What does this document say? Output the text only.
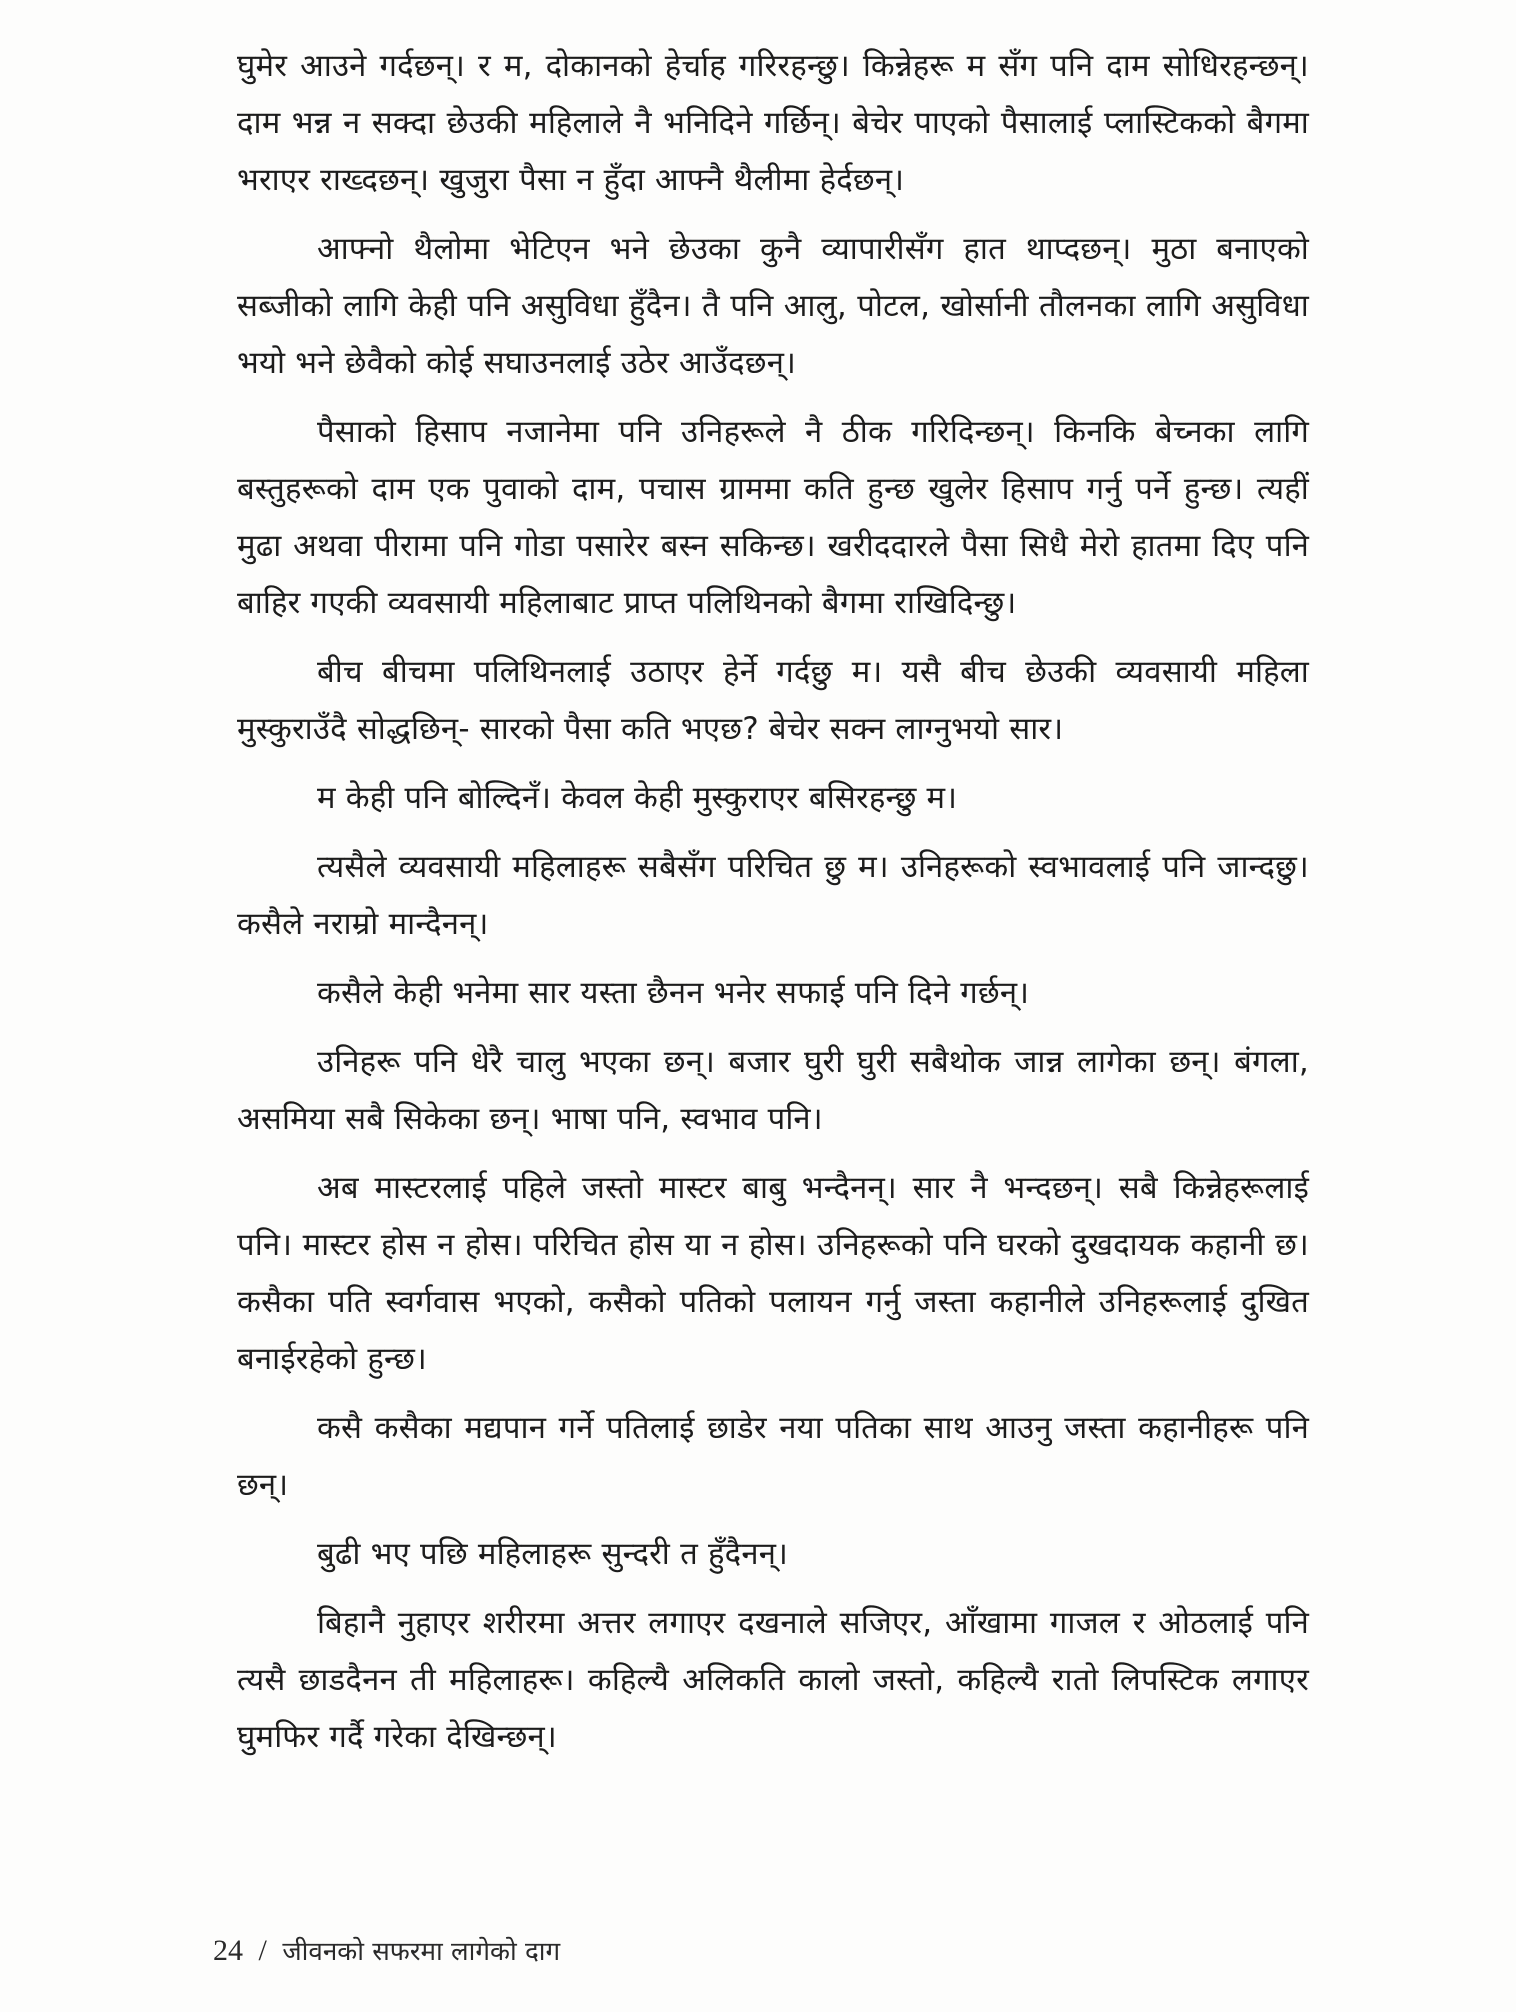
घुमेर आउने गर्दछन्। र म, दोकानको हेर्चाह गरिरहन्छु। किन्नेहरू म सँग पनि दाम सोधिरहन्छन्। दाम भन्न न सक्दा छेउकी महिलाले नै भनिदिने गर्छिन्। बेचेर पाएको पैसालाई प्लास्टिकको बैगमा भराएर राख्दछन्। खुजुरा पैसा न हुँदा आफ्नै थैलीमा हेर्दछन्।

आफ्नो थैलोमा भेटिएन भने छेउका कुनै व्यापारीसँग हात थाप्दछन्। मुठा बनाएको सब्जीको लागि केही पनि असुविधा हुँदैन। तै पनि आलु, पोटल, खोर्सानी तौलनका लागि असुविधा भयो भने छेवैको कोई सघाउनलाई उठेर आउँदछन्।

पैसाको हिसाप नजानेमा पनि उनिहरूले नै ठीक गरिदिन्छन्। किनकि बेच्नका लागि बस्तुहरूको दाम एक पुवाको दाम, पचास ग्राममा कति हुन्छ खुलेर हिसाप गर्नु पर्ने हुन्छ। त्यहीं मुढा अथवा पीरामा पनि गोडा पसारेर बस्न सकिन्छ। खरीददारले पैसा सिधै मेरो हातमा दिए पनि बाहिर गएकी व्यवसायी महिलाबाट प्राप्त पलिथिनको बैगमा राखिदिन्छु।

बीच बीचमा पलिथिनलाई उठाएर हेर्ने गर्दछु म। यसै बीच छेउकी व्यवसायी महिला मुस्कुराउँदै सोद्धछिन्- सारको पैसा कति भएछ? बेचेर सक्न लाग्नुभयो सार।

म केही पनि बोल्दिनँ। केवल केही मुस्कुराएर बसिरहन्छु म।

त्यसैले व्यवसायी महिलाहरू सबैसँग परिचित छु म। उनिहरूको स्वभावलाई पनि जान्दछु। कसैले नराम्रो मान्दैनन्।

कसैले केही भनेमा सार यस्ता छैनन भनेर सफाई पनि दिने गर्छन्।

उनिहरू पनि धेरै चालु भएका छन्। बजार घुरी घुरी सबैथोक जान्न लागेका छन्। बंगला, असमिया सबै सिकेका छन्। भाषा पनि, स्वभाव पनि।

अब मास्टरलाई पहिले जस्तो मास्टर बाबु भन्दैनन्। सार नै भन्दछन्। सबै किन्नेहरूलाई पनि। मास्टर होस न होस। परिचित होस या न होस। उनिहरूको पनि घरको दुखदायक कहानी छ। कसैका पति स्वर्गवास भएको, कसैको पतिको पलायन गर्नु जस्ता कहानीले उनिहरूलाई दुखित बनाईरहेको हुन्छ।

कसै कसैका मद्यपान गर्ने पतिलाई छाडेर नया पतिका साथ आउनु जस्ता कहानीहरू पनि छन्।

बुढी भए पछि महिलाहरू सुन्दरी त हुँदैनन्।

बिहानै नुहाएर शरीरमा अत्तर लगाएर दखनाले सजिएर, आँखामा गाजल र ओठलाई पनि त्यसै छाडदैनन ती महिलाहरू। कहिल्यै अलिकति कालो जस्तो, कहिल्यै रातो लिपस्टिक लगाएर घुमफिर गर्दै गरेका देखिन्छन्।

24 / जीवनको सफरमा लागेको दाग
